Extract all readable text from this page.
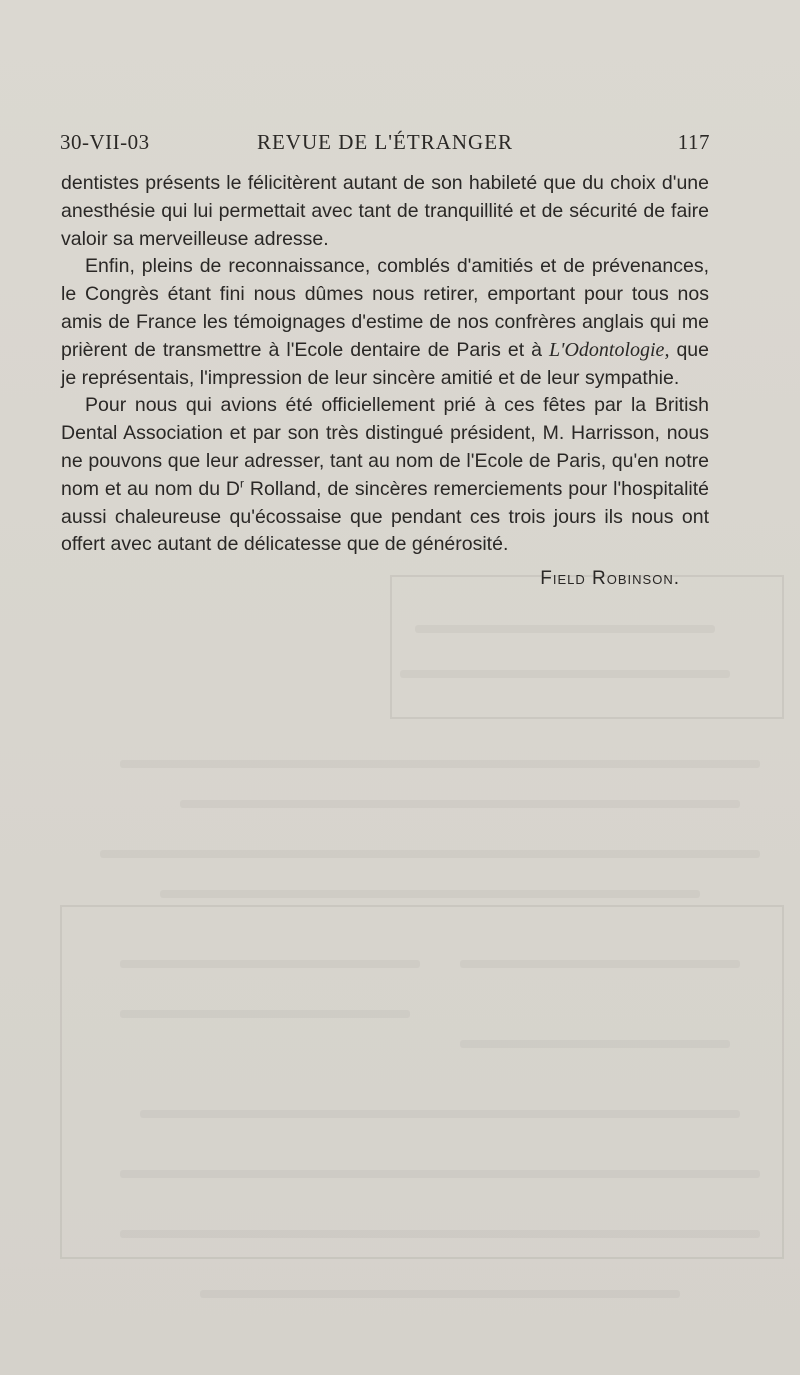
30-VII-03	REVUE DE L'ÉTRANGER	117

dentistes présents le félicitèrent autant de son habileté que du choix d'une anesthésie qui lui permettait avec tant de tranquillité et de sécurité de faire valoir sa merveilleuse adresse.

Enfin, pleins de reconnaissance, comblés d'amitiés et de prévenances, le Congrès étant fini nous dûmes nous retirer, emportant pour tous nos amis de France les témoignages d'estime de nos confrères anglais qui me prièrent de transmettre à l'Ecole dentaire de Paris et à L'Odontologie, que je représentais, l'impression de leur sincère amitié et de leur sympathie.

Pour nous qui avions été officiellement prié à ces fêtes par la British Dental Association et par son très distingué président, M. Harrisson, nous ne pouvons que leur adresser, tant au nom de l'Ecole de Paris, qu'en notre nom et au nom du $D^r$ Rolland, de sincères remerciements pour l'hospitalité aussi chaleureuse qu'écossaise que pendant ces trois jours ils nous ont offert avec autant de délicatesse que de générosité.

Field Robinson.
